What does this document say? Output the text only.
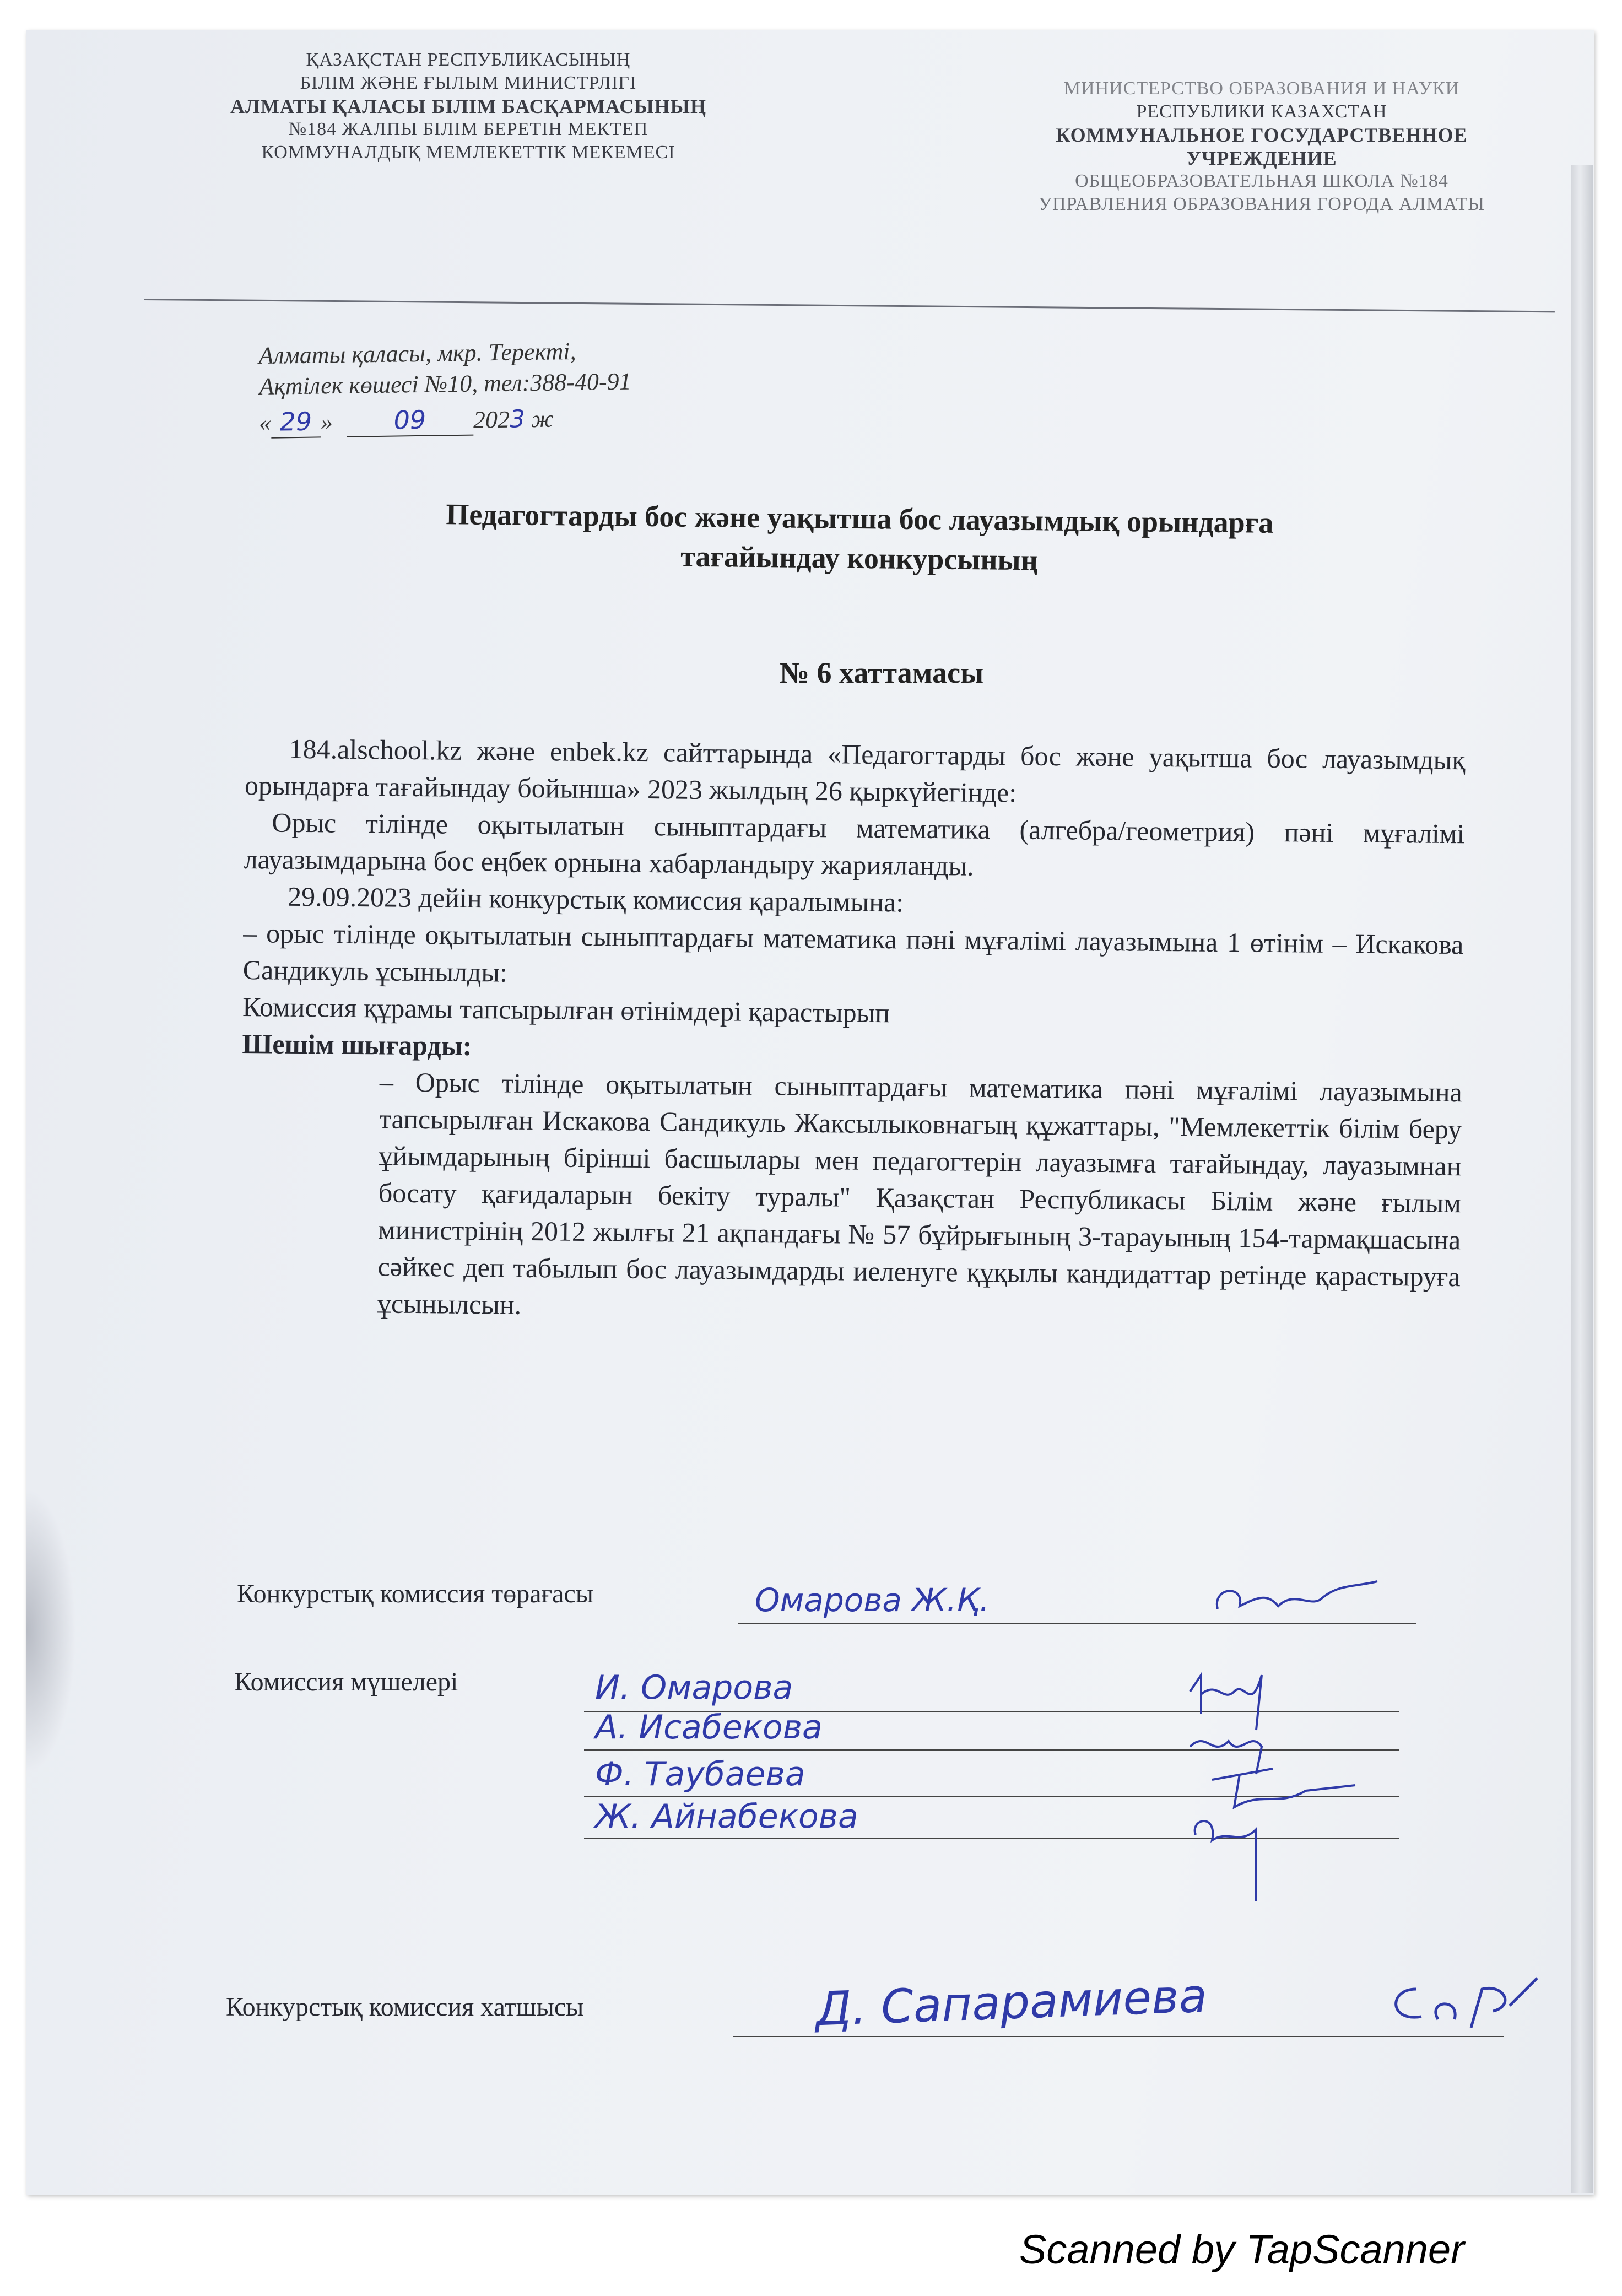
ҚАЗАҚСТАН РЕСПУБЛИКАСЫНЫҢ
БІЛІМ ЖӘНЕ ҒЫЛЫМ МИНИСТРЛІГІ
АЛМАТЫ ҚАЛАСЫ БІЛІМ БАСҚАРМАСЫНЫҢ
№184 ЖАЛПЫ БІЛІМ БЕРЕТІН МЕКТЕП
КОММУНАЛДЫҚ МЕМЛЕКЕТТІК МЕКЕМЕСІ
МИНИСТЕРСТВО ОБРАЗОВАНИЯ И НАУКИ
РЕСПУБЛИКИ КАЗАХСТАН
КОММУНАЛЬНОЕ ГОСУДАРСТВЕННОЕ
УЧРЕЖДЕНИЕ
ОБЩЕОБРАЗОВАТЕЛЬНАЯ ШКОЛА №184
УПРАВЛЕНИЯ ОБРАЗОВАНИЯ ГОРОДА АЛМАТЫ
Алматы қаласы, мкр. Теректі,
Ақтілек көшесі №10, тел:388-40-91
« 29 » 09 2023 ж
Педагогтарды бос және уақытша бос лауазымдық орындарға
тағайындау конкурсының
№ 6 хаттамасы
184.alschool.kz және enbek.kz сайттарында «Педагогтарды бос және уақытша бос лауазымдық орындарға тағайындау бойынша» 2023 жылдың 26 қыркүйегінде:
Орыс тілінде оқытылатын сыныптардағы математика (алгебра/геометрия) пәні мұғалімі лауазымдарына бос еңбек орнына хабарландыру жарияланды.
29.09.2023 дейін конкурстық комиссия қаралымына:
– орыс тілінде оқытылатын сыныптардағы математика пәні мұғалімі лауазымына 1 өтінім – Искакова Сандикуль ұсынылды:
Комиссия құрамы тапсырылған өтінімдері қарастырып
Шешім шығарды:
– Орыс тілінде оқытылатын сыныптардағы математика пәні мұғалімі лауазымына тапсырылған Искакова Сандикуль Жаксылыковнагың құжаттары, "Мемлекеттік білім беру ұйымдарының бірінші басшылары мен педагогтерін лауазымға тағайындау, лауазымнан босату қағидаларын бекіту туралы" Қазақстан Республикасы Білім және ғылым министрінің 2012 жылғы 21 ақпандағы № 57 бұйрығының 3-тарауының 154-тармақшасына сәйкес деп табылып бос лауазымдарды иеленуге құқылы кандидаттар ретінде қарастыруға ұсынылсын.
Конкурстық комиссия төрағасы	Омарова Ж.Қ.
Комиссия мүшелері	И. Омарова
А. Исабекова
Ф. Таубаева
Ж. Айнабекова
Конкурстық комиссия хатшысы	Д. Сапарамиева
Scanned by TapScanner
